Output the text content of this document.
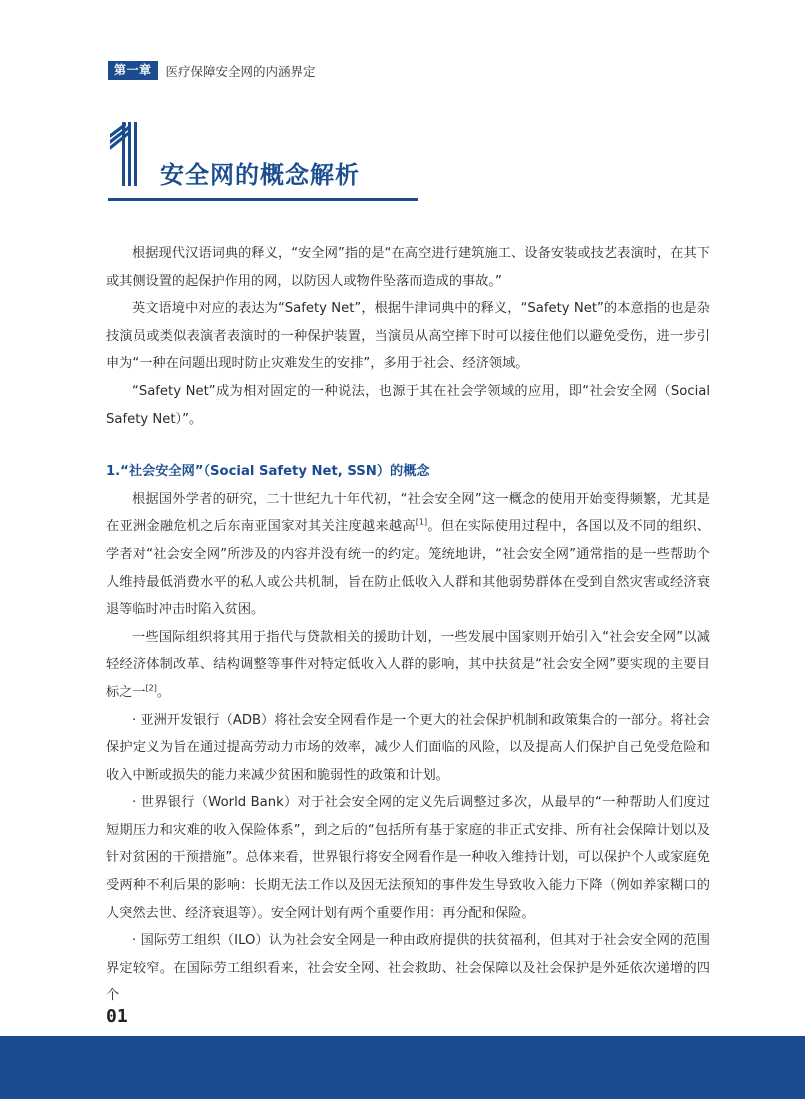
第一章	医疗保障安全网的内涵界定
安全网的概念解析

根据现代汉语词典的释义，“安全网”指的是“在高空进行建筑施工、设备安装或技艺表演时，在其下或其侧设置的起保护作用的网，以防因人或物件坠落而造成的事故。”

英文语境中对应的表达为“Safety Net”，根据牛津词典中的释义，“Safety Net”的本意指的也是杂技演员或类似表演者表演时的一种保护装置，当演员从高空摔下时可以接住他们以避免受伤，进一步引申为“一种在问题出现时防止灾难发生的安排”，多用于社会、经济领域。

“Safety Net”成为相对固定的一种说法，也源于其在社会学领域的应用，即“社会安全网（Social Safety Net）”。

1.“社会安全网”（Social Safety Net, SSN）的概念

根据国外学者的研究，二十世纪九十年代初，“社会安全网”这一概念的使用开始变得频繁，尤其是在亚洲金融危机之后东南亚国家对其关注度越来越高[1]。但在实际使用过程中，各国以及不同的组织、学者对“社会安全网”所涉及的内容并没有统一的约定。笼统地讲，“社会安全网”通常指的是一些帮助个人维持最低消费水平的私人或公共机制，旨在防止低收入人群和其他弱势群体在受到自然灾害或经济衰退等临时冲击时陷入贫困。

一些国际组织将其用于指代与贷款相关的援助计划，一些发展中国家则开始引入“社会安全网”以减轻经济体制改革、结构调整等事件对特定低收入人群的影响，其中扶贫是“社会安全网”要实现的主要目标之一[2]。

· 亚洲开发银行（ADB）将社会安全网看作是一个更大的社会保护机制和政策集合的一部分。将社会保护定义为旨在通过提高劳动力市场的效率，减少人们面临的风险，以及提高人们保护自己免受危险和收入中断或损失的能力来减少贫困和脆弱性的政策和计划。

· 世界银行（World Bank）对于社会安全网的定义先后调整过多次，从最早的“一种帮助人们度过短期压力和灾难的收入保险体系”，到之后的“包括所有基于家庭的非正式安排、所有社会保障计划以及针对贫困的干预措施”。总体来看，世界银行将安全网看作是一种收入维持计划，可以保护个人或家庭免受两种不利后果的影响：长期无法工作以及因无法预知的事件发生导致收入能力下降（例如养家糊口的人突然去世、经济衰退等）。安全网计划有两个重要作用：再分配和保险。

· 国际劳工组织（ILO）认为社会安全网是一种由政府提供的扶贫福利，但其对于社会安全网的范围界定较窄。在国际劳工组织看来，社会安全网、社会救助、社会保障以及社会保护是外延依次递增的四个

01
